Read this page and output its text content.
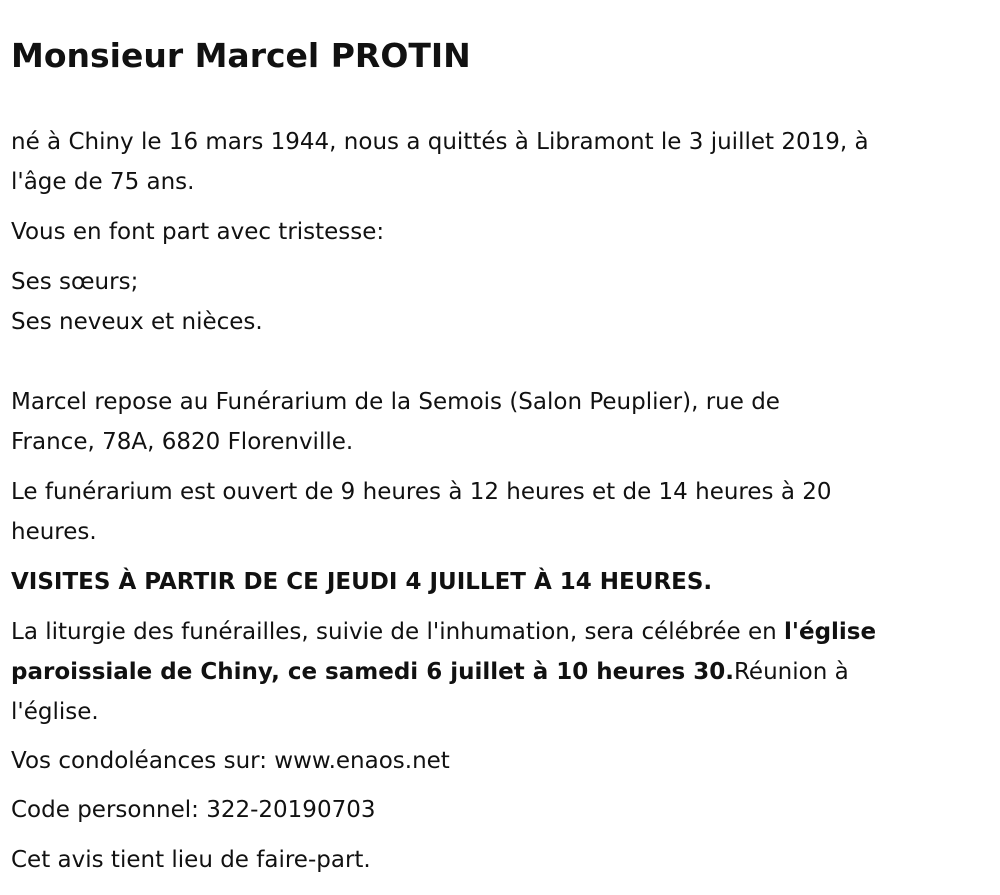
Monsieur Marcel PROTIN

né à Chiny le 16 mars 1944, nous a quittés à Libramont le 3 juillet 2019, à
l'âge de 75 ans.

Vous en font part avec tristesse:

Ses sœurs;
Ses neveux et nièces.

Marcel repose au Funérarium de la Semois (Salon Peuplier), rue de
France, 78A, 6820 Florenville.

Le funérarium est ouvert de 9 heures à 12 heures et de 14 heures à 20
heures.

VISITES À PARTIR DE CE JEUDI 4 JUILLET À 14 HEURES.

La liturgie des funérailles, suivie de l'inhumation, sera célébrée en l'église
paroissiale de Chiny, ce samedi 6 juillet à 10 heures 30.Réunion à
l'église.

Vos condoléances sur: www.enaos.net

Code personnel: 322-20190703

Cet avis tient lieu de faire-part.
